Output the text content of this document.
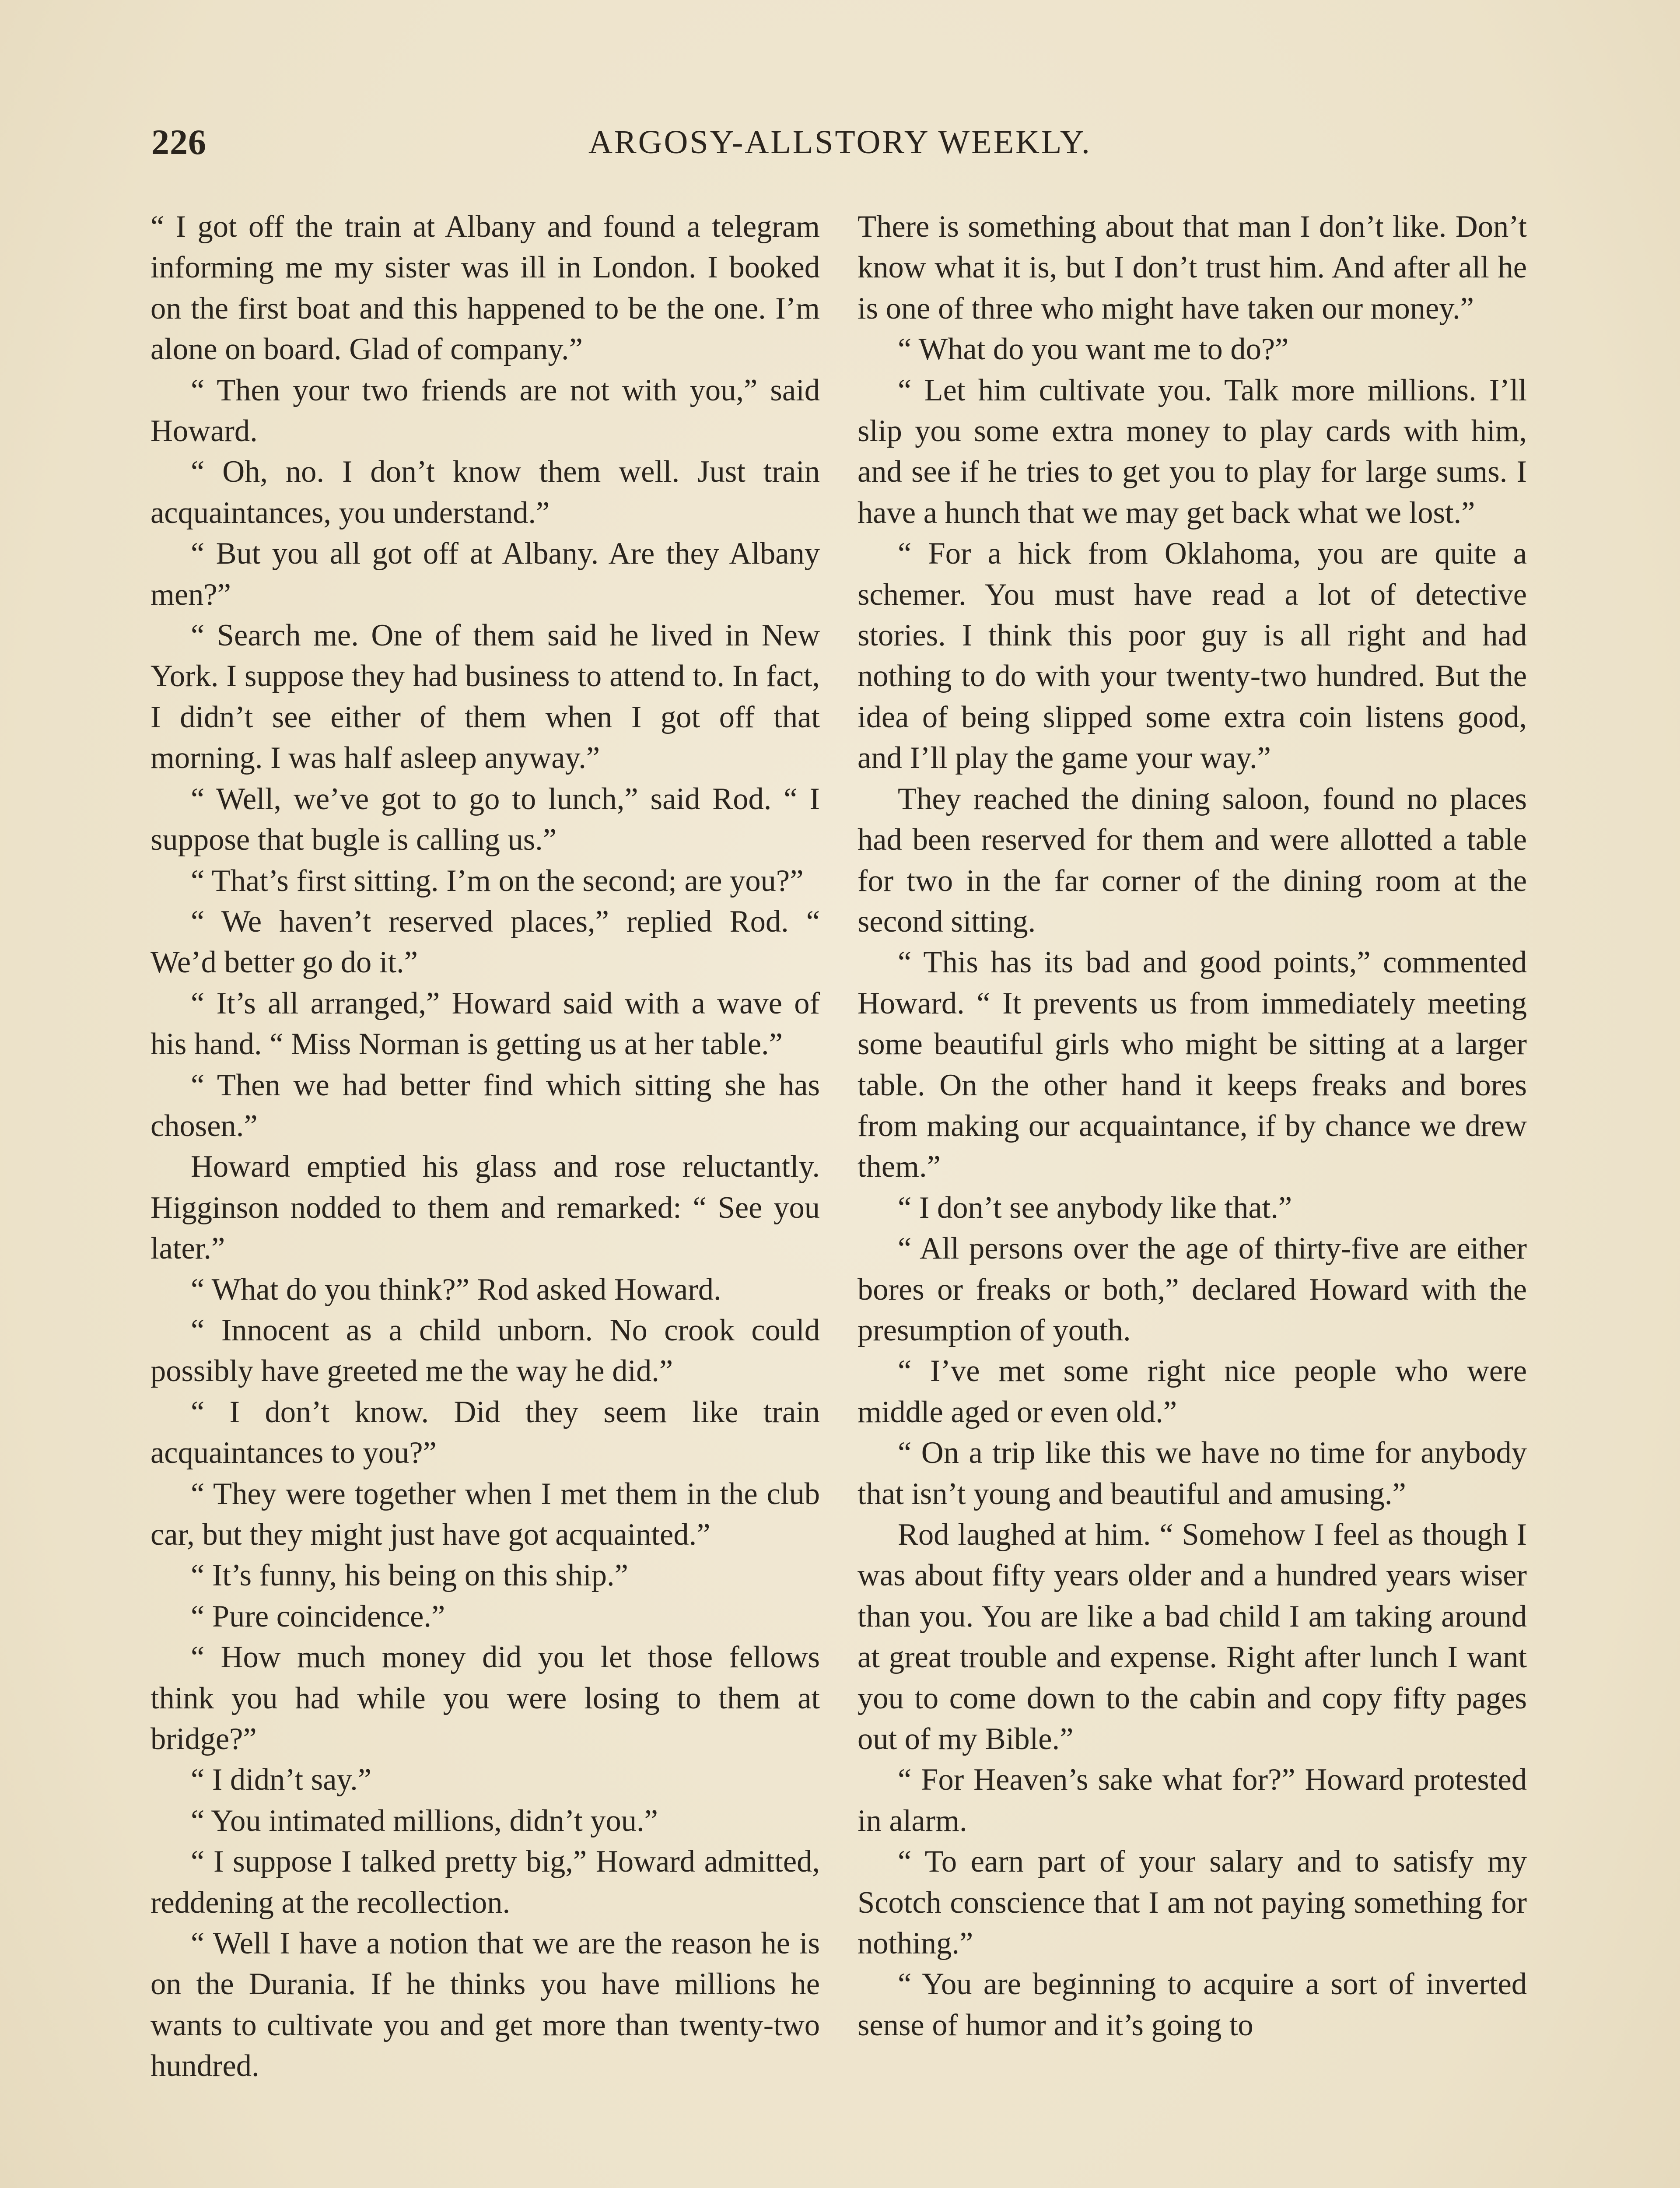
226	ARGOSY-ALLSTORY WEEKLY.

“ I got off the train at Albany and found a telegram informing me my sister was ill in London. I booked on the first boat and this happened to be the one. I’m alone on board. Glad of company.”

“ Then your two friends are not with you,” said Howard.

“ Oh, no. I don’t know them well. Just train acquaintances, you understand.”

“ But you all got off at Albany. Are they Albany men?”

“ Search me. One of them said he lived in New York. I suppose they had business to attend to. In fact, I didn’t see either of them when I got off that morning. I was half asleep anyway.”

“ Well, we’ve got to go to lunch,” said Rod. “ I suppose that bugle is calling us.”

“ That’s first sitting. I’m on the second; are you?”

“ We haven’t reserved places,” replied Rod. “ We’d better go do it.”

“ It’s all arranged,” Howard said with a wave of his hand. “ Miss Norman is getting us at her table.”

“ Then we had better find which sitting she has chosen.”

Howard emptied his glass and rose reluctantly. Higginson nodded to them and remarked: “ See you later.”

“ What do you think?” Rod asked Howard.

“ Innocent as a child unborn. No crook could possibly have greeted me the way he did.”

“ I don’t know. Did they seem like train acquaintances to you?”

“ They were together when I met them in the club car, but they might just have got acquainted.”

“ It’s funny, his being on this ship.”

“ Pure coincidence.”

“ How much money did you let those fellows think you had while you were losing to them at bridge?”

“ I didn’t say.”

“ You intimated millions, didn’t you.”

“ I suppose I talked pretty big,” Howard admitted, reddening at the recollection.

“ Well I have a notion that we are the reason he is on the Durania. If he thinks you have millions he wants to cultivate you and get more than twenty-two hundred.

There is something about that man I don’t like. Don’t know what it is, but I don’t trust him. And after all he is one of three who might have taken our money.”

“ What do you want me to do?”

“ Let him cultivate you. Talk more millions. I’ll slip you some extra money to play cards with him, and see if he tries to get you to play for large sums. I have a hunch that we may get back what we lost.”

“ For a hick from Oklahoma, you are quite a schemer. You must have read a lot of detective stories. I think this poor guy is all right and had nothing to do with your twenty-two hundred. But the idea of being slipped some extra coin listens good, and I’ll play the game your way.”

They reached the dining saloon, found no places had been reserved for them and were allotted a table for two in the far corner of the dining room at the second sitting.

“ This has its bad and good points,” commented Howard. “ It prevents us from immediately meeting some beautiful girls who might be sitting at a larger table. On the other hand it keeps freaks and bores from making our acquaintance, if by chance we drew them.”

“ I don’t see anybody like that.”

“ All persons over the age of thirty-five are either bores or freaks or both,” declared Howard with the presumption of youth.

“ I’ve met some right nice people who were middle aged or even old.”

“ On a trip like this we have no time for anybody that isn’t young and beautiful and amusing.”

Rod laughed at him. “ Somehow I feel as though I was about fifty years older and a hundred years wiser than you. You are like a bad child I am taking around at great trouble and expense. Right after lunch I want you to come down to the cabin and copy fifty pages out of my Bible.”

“ For Heaven’s sake what for?” Howard protested in alarm.

“ To earn part of your salary and to satisfy my Scotch conscience that I am not paying something for nothing.”

“ You are beginning to acquire a sort of inverted sense of humor and it’s going to
